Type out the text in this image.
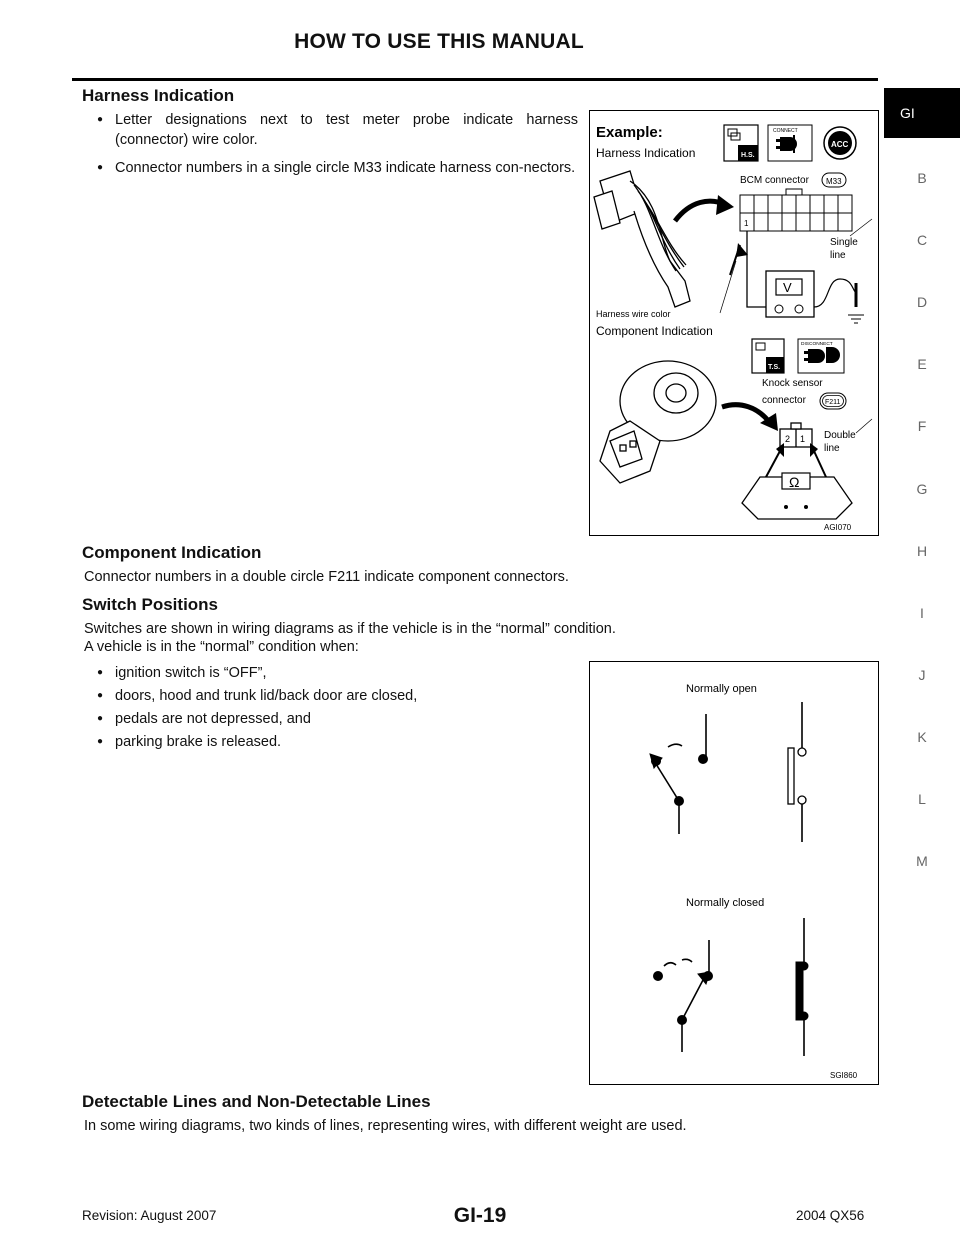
HOW TO USE THIS MANUAL
GI
B
C
D
E
F
G
H
I
J
K
L
M
Harness Indication
● Letter designations next to test meter probe indicate harness (connector) wire color.
● Connector numbers in a single circle M33 indicate harness con-nectors.
Example:
Harness Indication	H.S.
CONNECT
ACC
BCM connector M33
1
Single
line
V
Harness wire color
Component Indication
T.S.
DISCONNECT
Knock sensor
connector	F211
2 1 Double
line
Ω
AGI070
Component Indication
Connector numbers in a double circle F211 indicate component connectors.
Switch Positions
Switches are shown in wiring diagrams as if the vehicle is in the “normal” condition.
A vehicle is in the “normal” condition when:
● ignition switch is “OFF”,
● doors, hood and trunk lid/back door are closed,
● pedals are not depressed, and
● parking brake is released.
Normally open
Normally closed
SGI860
Detectable Lines and Non-Detectable Lines
In some wiring diagrams, two kinds of lines, representing wires, with different weight are used.
Revision: August 2007	GI-19	2004 QX56
